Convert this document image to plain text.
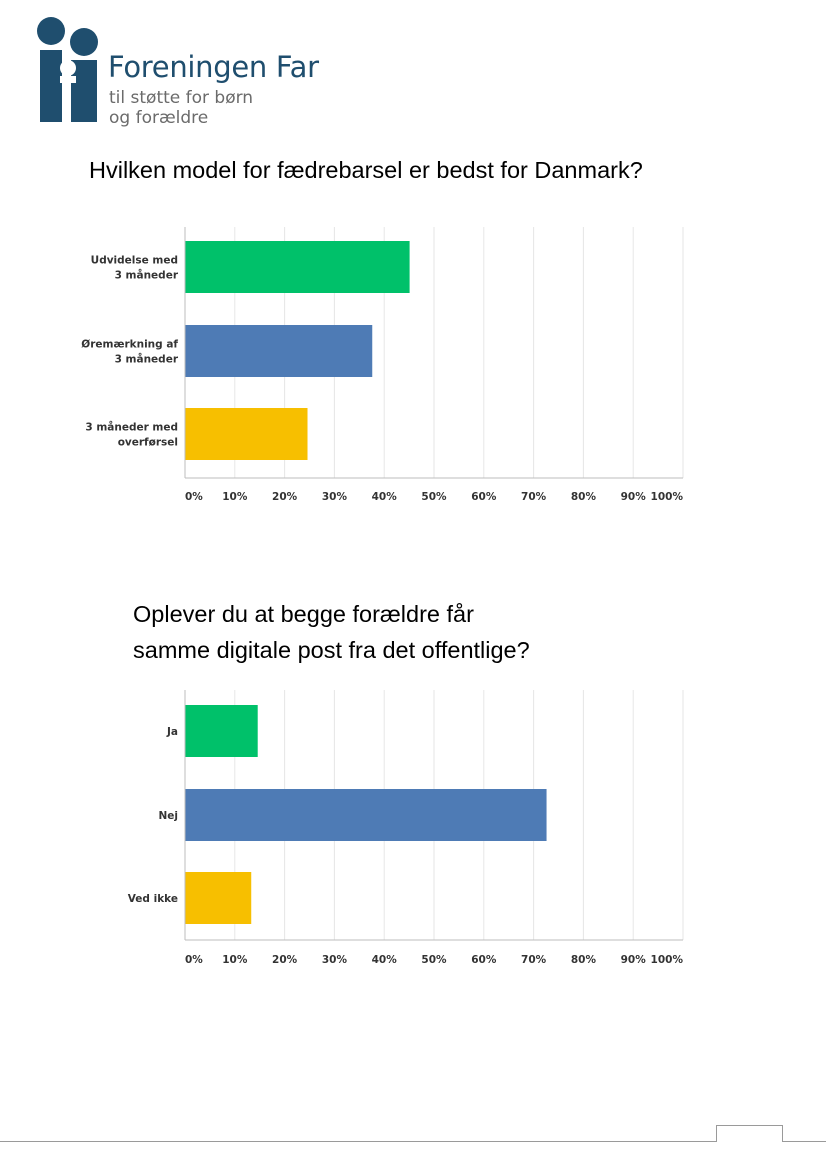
Foreningen Far
til støtte for børn
og forældre
Hvilken model for fædrebarsel er bedst for Danmark?
Udvidelse med 3 måneder
Øremærkning af 3 måneder
3 måneder med overførsel
0% 10% 20% 30% 40% 50% 60% 70% 80% 90% 100%
Oplever du at begge forældre får
samme digitale post fra det offentlige?
Ja
Nej
Ved ikke
0% 10% 20% 30% 40% 50% 60% 70% 80% 90% 100%
